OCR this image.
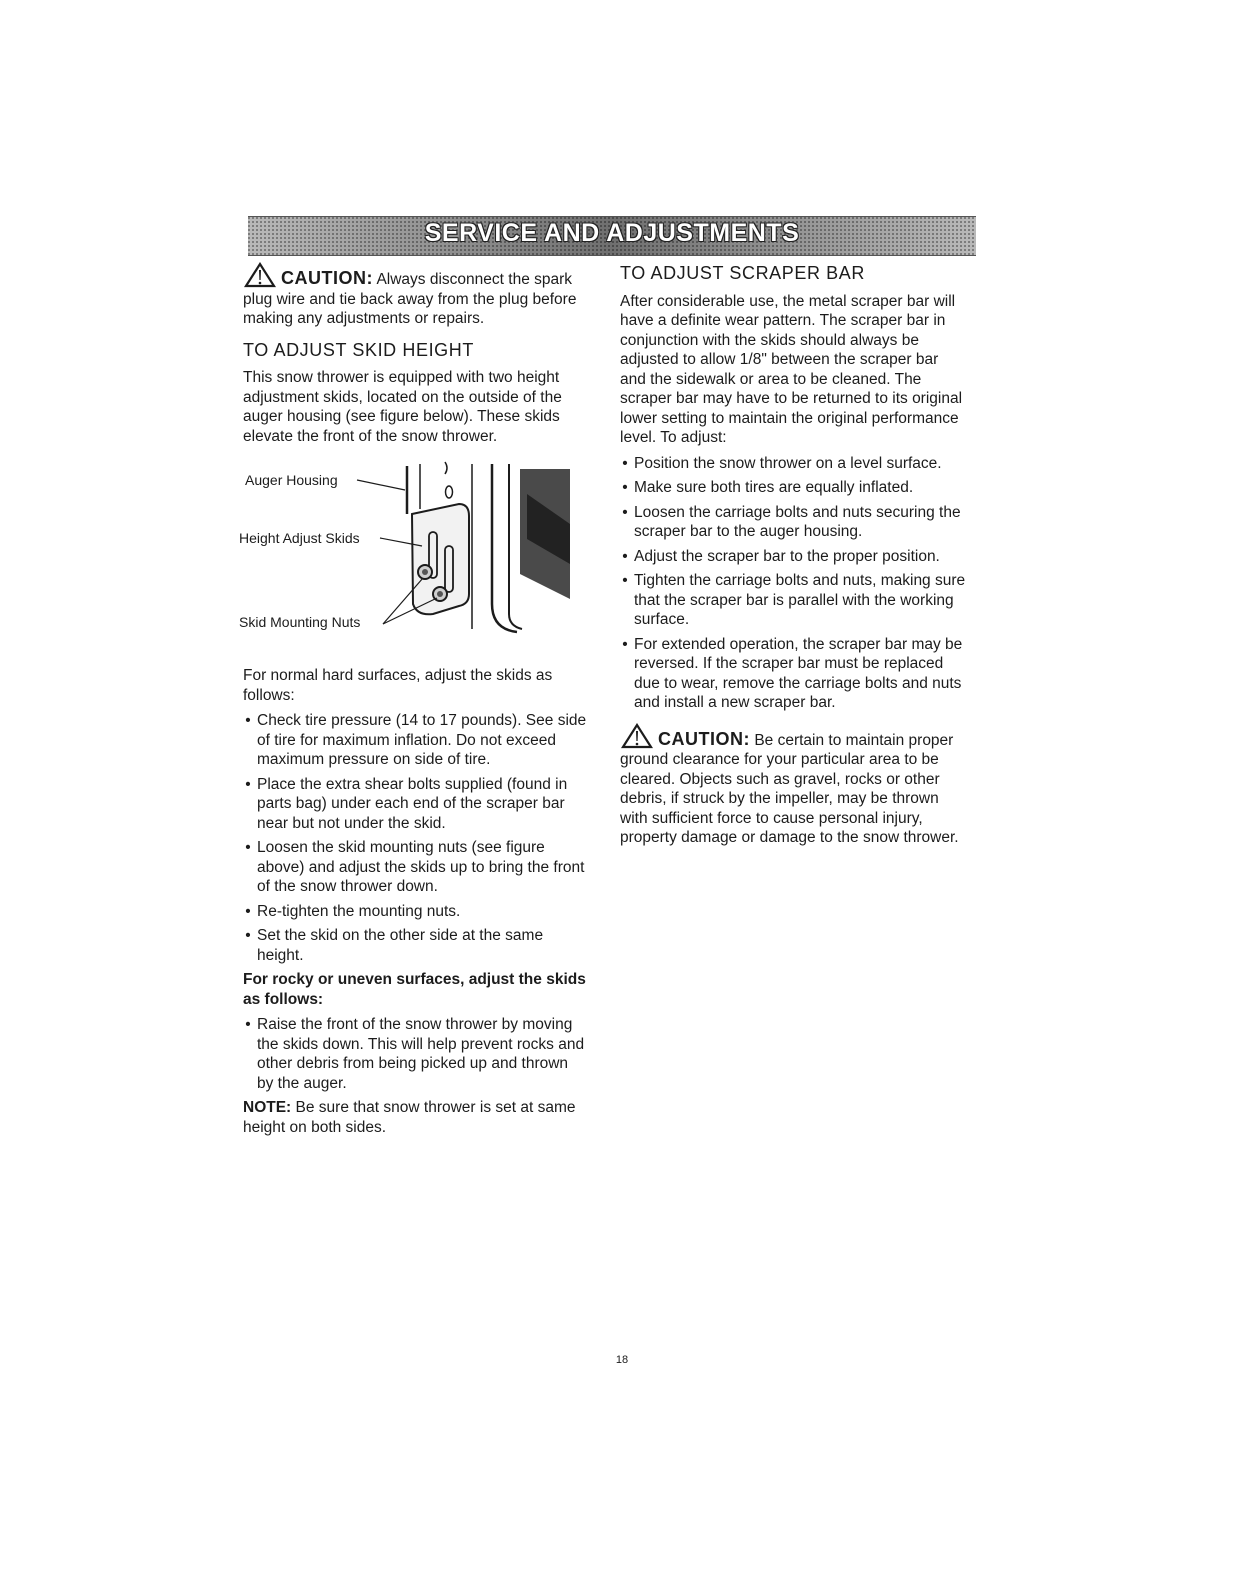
SERVICE AND ADJUSTMENTS

CAUTION: Always disconnect the spark plug wire and tie back away from the plug before making any adjustments or repairs.

TO ADJUST SKID HEIGHT

This snow thrower is equipped with two height adjustment skids, located on the outside of the auger housing (see figure below). These skids elevate the front of the snow thrower.

Auger Housing
Height Adjust Skids
Skid Mounting Nuts

For normal hard surfaces, adjust the skids as follows:

• Check tire pressure (14 to 17 pounds). See side of tire for maximum inflation. Do not exceed maximum pressure on side of tire.
• Place the extra shear bolts supplied (found in parts bag) under each end of the scraper bar near but not under the skid.
• Loosen the skid mounting nuts (see figure above) and adjust the skids up to bring the front of the snow thrower down.
• Re-tighten the mounting nuts.
• Set the skid on the other side at the same height.

For rocky or uneven surfaces, adjust the skids as follows:

• Raise the front of the snow thrower by moving the skids down. This will help prevent rocks and other debris from being picked up and thrown by the auger.

NOTE: Be sure that snow thrower is set at same height on both sides.

TO ADJUST SCRAPER BAR

After considerable use, the metal scraper bar will have a definite wear pattern. The scraper bar in conjunction with the skids should always be adjusted to allow 1/8" between the scraper bar and the sidewalk or area to be cleaned. The scraper bar may have to be returned to its original lower setting to maintain the original performance level. To adjust:

• Position the snow thrower on a level surface.
• Make sure both tires are equally inflated.
• Loosen the carriage bolts and nuts securing the scraper bar to the auger housing.
• Adjust the scraper bar to the proper position.
• Tighten the carriage bolts and nuts, making sure that the scraper bar is parallel with the working surface.
• For extended operation, the scraper bar may be reversed. If the scraper bar must be replaced due to wear, remove the carriage bolts and nuts and install a new scraper bar.

CAUTION: Be certain to maintain proper ground clearance for your particular area to be cleared. Objects such as gravel, rocks or other debris, if struck by the impeller, may be thrown with sufficient force to cause personal injury, property damage or damage to the snow thrower.

18
